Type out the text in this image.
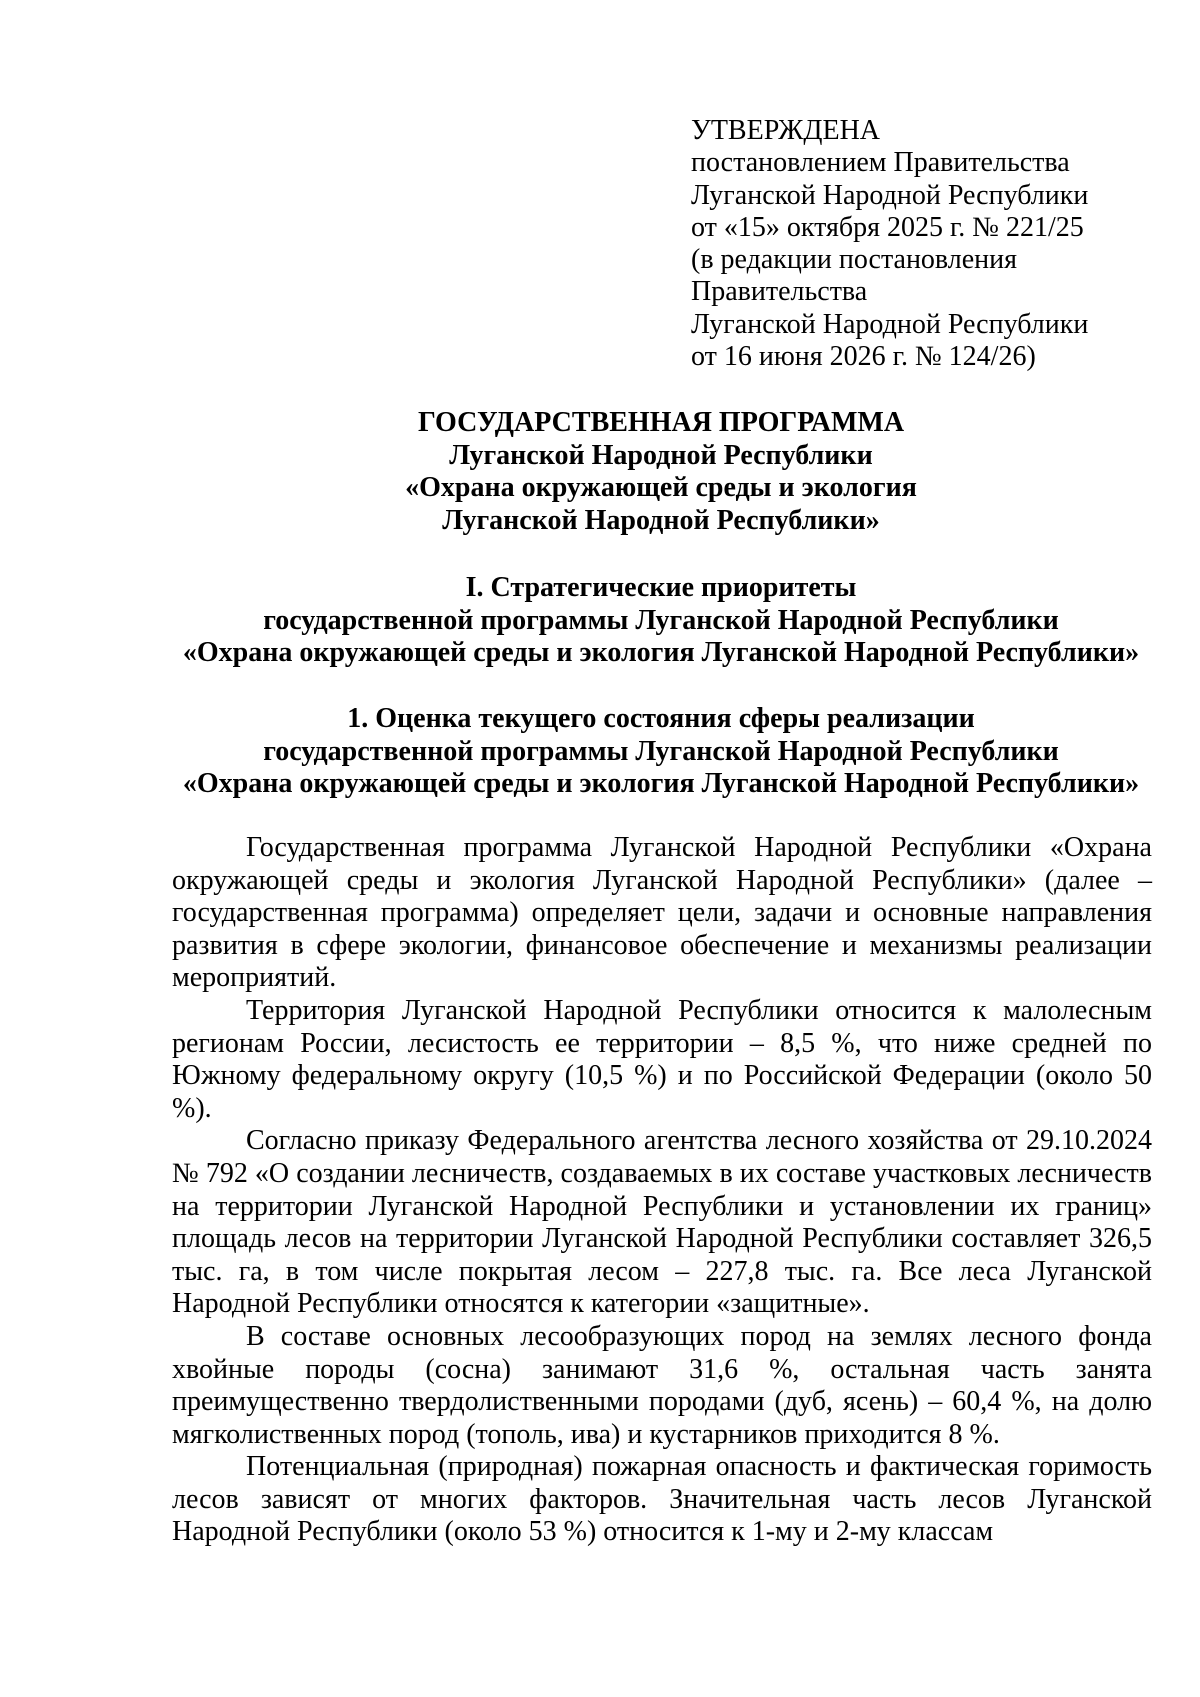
УТВЕРЖДЕНА
постановлением Правительства
Луганской Народной Республики
от «15» октября 2025 г. № 221/25
(в редакции постановления
Правительства
Луганской Народной Республики
от 16 июня 2026 г. № 124/26)
ГОСУДАРСТВЕННАЯ ПРОГРАММА
Луганской Народной Республики
«Охрана окружающей среды и экология
Луганской Народной Республики»
I. Стратегические приоритеты
государственной программы Луганской Народной Республики
«Охрана окружающей среды и экология Луганской Народной Республики»
1. Оценка текущего состояния сферы реализации
государственной программы Луганской Народной Республики
«Охрана окружающей среды и экология Луганской Народной Республики»

Государственная программа Луганской Народной Республики «Охрана окружающей среды и экология Луганской Народной Республики» (далее – государственная программа) определяет цели, задачи и основные направления развития в сфере экологии, финансовое обеспечение и механизмы реализации мероприятий.

Территория Луганской Народной Республики относится к малолесным регионам России, лесистость ее территории – 8,5 %, что ниже средней по Южному федеральному округу (10,5 %) и по Российской Федерации (около 50 %).

Согласно приказу Федерального агентства лесного хозяйства от 29.10.2024 № 792 «О создании лесничеств, создаваемых в их составе участковых лесничеств на территории Луганской Народной Республики и установлении их границ» площадь лесов на территории Луганской Народной Республики составляет 326,5 тыс. га, в том числе покрытая лесом – 227,8 тыс. га. Все леса Луганской Народной Республики относятся к категории «защитные».

В составе основных лесообразующих пород на землях лесного фонда хвойные породы (сосна) занимают 31,6 %, остальная часть занята преимущественно твердолиственными породами (дуб, ясень) – 60,4 %, на долю мягколиственных пород (тополь, ива) и кустарников приходится 8 %.

Потенциальная (природная) пожарная опасность и фактическая горимость лесов зависят от многих факторов. Значительная часть лесов Луганской Народной Республики (около 53 %) относится к 1-му и 2-му классам
